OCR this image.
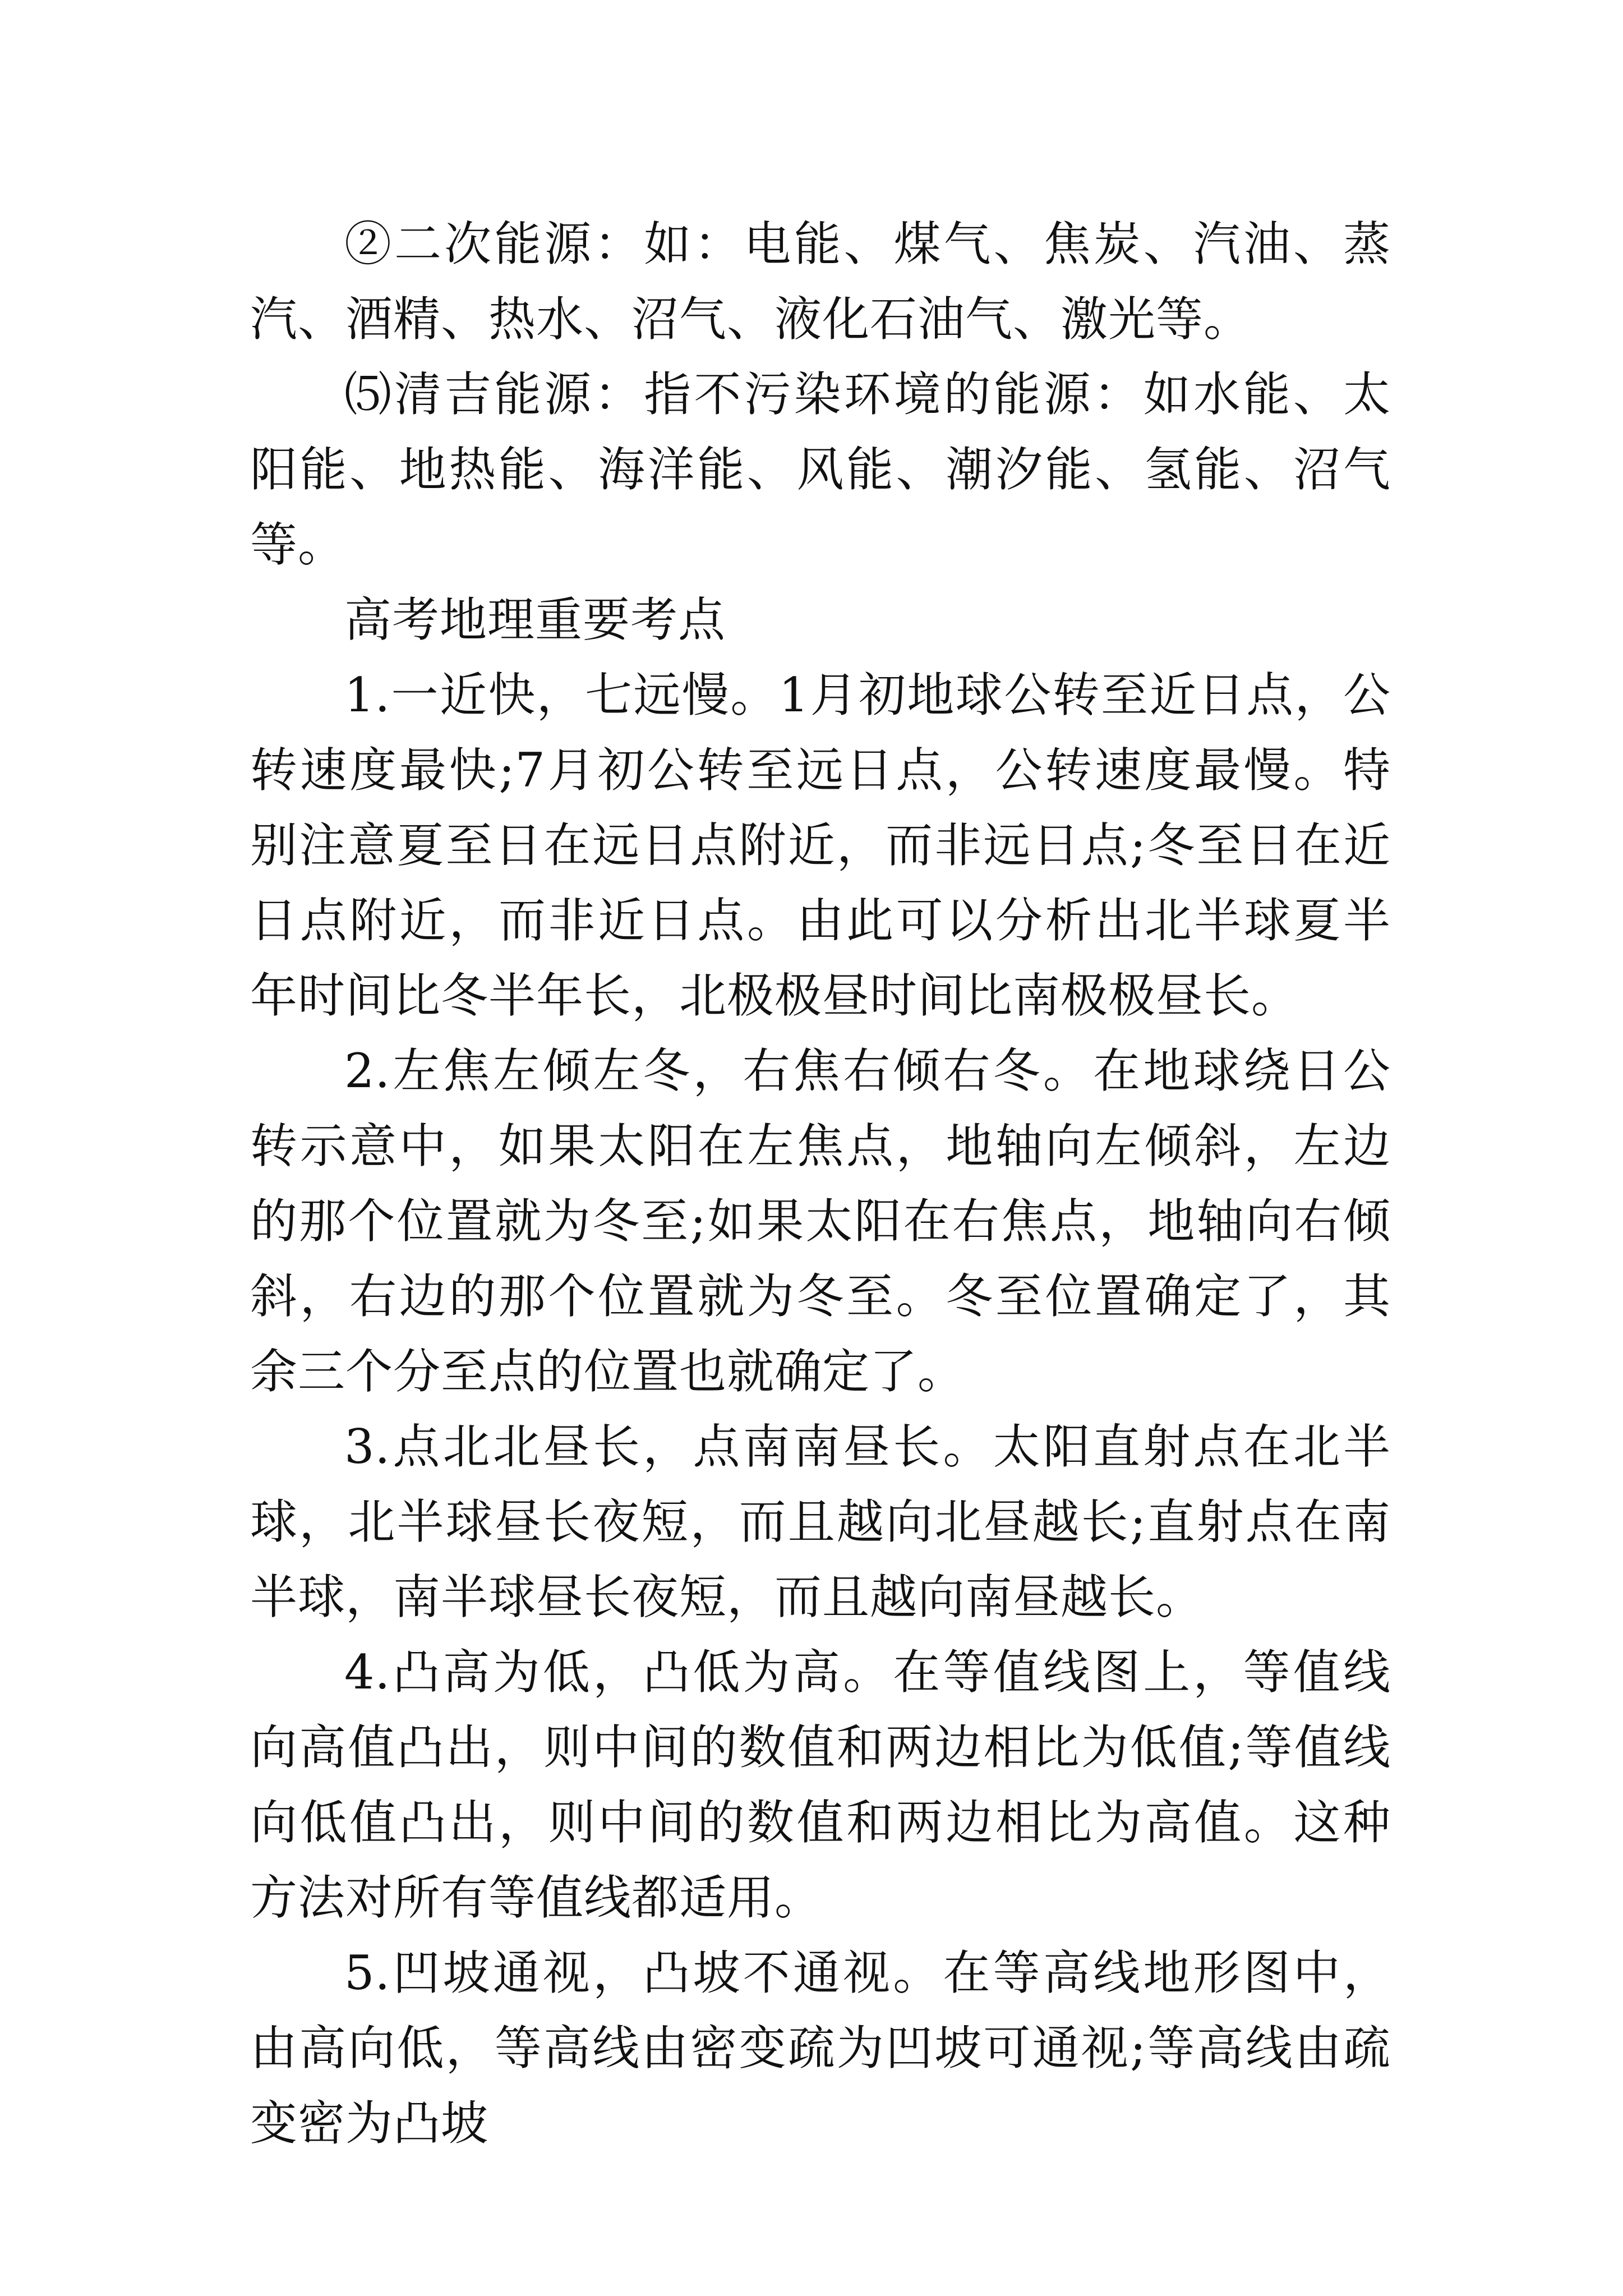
②二次能源：如：电能、煤气、焦炭、汽油、蒸汽、酒精、热水、沼气、液化石油气、激光等。

⑸清吉能源：指不污染环境的能源：如水能、太阳能、地热能、海洋能、风能、潮汐能、氢能、沼气等。

高考地理重要考点

1.一近快，七远慢。1月初地球公转至近日点，公转速度最快;7月初公转至远日点，公转速度最慢。特别注意夏至日在远日点附近，而非远日点;冬至日在近日点附近，而非近日点。由此可以分析出北半球夏半年时间比冬半年长，北极极昼时间比南极极昼长。

2.左焦左倾左冬，右焦右倾右冬。在地球绕日公转示意中，如果太阳在左焦点，地轴向左倾斜，左边的那个位置就为冬至;如果太阳在右焦点，地轴向右倾斜，右边的那个位置就为冬至。冬至位置确定了，其余三个分至点的位置也就确定了。

3.点北北昼长，点南南昼长。太阳直射点在北半球，北半球昼长夜短，而且越向北昼越长;直射点在南半球，南半球昼长夜短，而且越向南昼越长。

4.凸高为低，凸低为高。在等值线图上，等值线向高值凸出，则中间的数值和两边相比为低值;等值线向低值凸出，则中间的数值和两边相比为高值。这种方法对所有等值线都适用。

5.凹坡通视，凸坡不通视。在等高线地形图中，由高向低，等高线由密变疏为凹坡可通视;等高线由疏变密为凸坡
